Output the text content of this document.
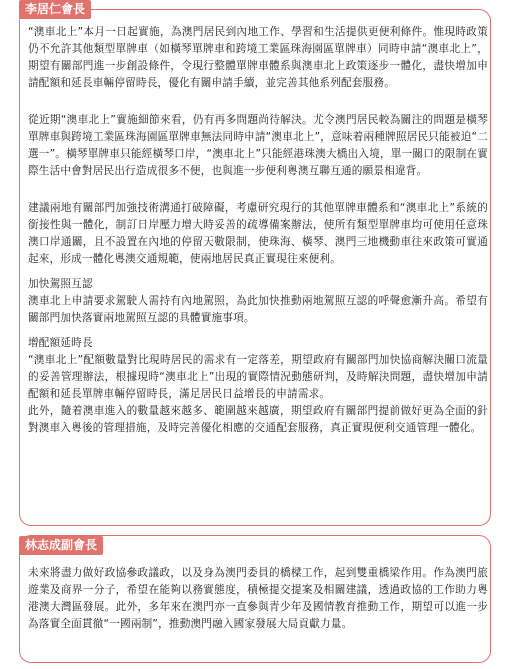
李居仁會長

“澳車北上”本月一日起實施，為澳門居民到內地工作、學習和生活提供更便利條件。惟現時政策仍不允許其他類型單牌車（如橫琴單牌車和跨境工業區珠海園區單牌車）同時申請“澳車北上”，期望有關部門進一步創設條件，令現行整體單牌車體系與澳車北上政策逐步一體化，盡快增加申請配額和延長車輛停留時長，優化有關申請手續，並完善其他系列配套服務。

從近期“澳車北上”實施細節來看，仍有再多問題尚待解決。尤令澳門居民較為關注的問題是橫琴單牌車與跨境工業區珠海園區單牌車無法同時申請“澳車北上”，意味着兩種牌照居民只能被迫“二選一”。橫琴單牌車只能經橫琴口岸，“澳車北上”只能經港珠澳大橋出入境，單一關口的限制在實際生活中會對居民出行造成很多不便，也與進一步便利粵澳互聯互通的願景相違背。

建議兩地有關部門加強技術溝通打破障礙，考慮研究現行的其他單牌車體系和“澳車北上”系統的銜接性與一體化，制訂日岸壓力增大時妥善的疏導備案辦法，使所有類型單牌車均可使用任意珠澳口岸通關，且不設置在內地的停留天數限制，使珠海、橫琴、澳門三地機動車往來政策可實通起來，形成一體化粵澳交通規範，使兩地居民真正實現往來便利。

加快駕照互認

澳車北上申請要求駕駛人需持有內地駕照，為此加快推動兩地駕照互認的呼聲愈漸升高。希望有關部門加快落實兩地駕照互認的具體實施事項。

增配額延時長

“澳車北上”配額數量對比現時居民的需求有一定落差，期望政府有關部門加快協商解決關口流量的妥善管理辦法，根據現時“澳車北上”出現的實際情況動態研判，及時解決問題，盡快增加申請配額和延長單牌車輛停留時長，滿足居民日益增長的申請需求。

此外，隨着澳車進入的數量越來越多、範圍越來越廣，期望政府有關部門提前做好更為全面的針對澳車入粵後的管理措施，及時完善優化相應的交通配套服務，真正實現便利交通管理一體化。

林志成副會長

未來將盡力做好政協參政議政，以及身為澳門委員的橋樑工作，起到雙重橋梁作用。作為澳門旅遊業及商界一分子，希望在能夠以務實態度，積極提交提案及相關建議，透過政協的工作助力粵港澳大灣區發展。此外，多年來在澳門亦一直參與青少年及國情教育推動工作，期望可以進一步為落實全面貫徹“一國兩制”，推動澳門融入國家發展大局貢獻力量。
